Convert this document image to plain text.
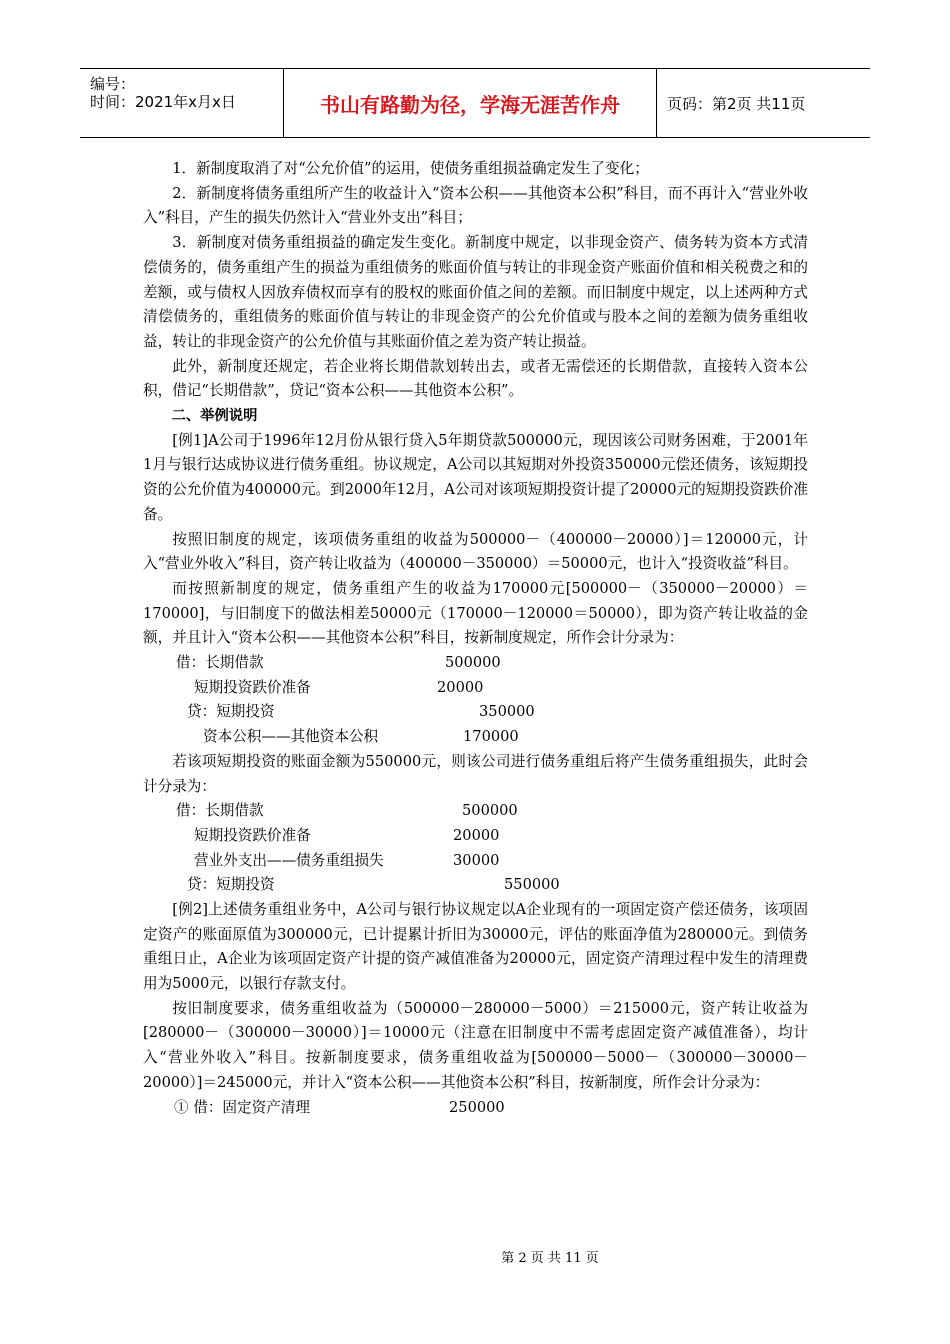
编号：
时间：2021年x月x日	书山有路勤为径，学海无涯苦作舟	页码：第2页 共11页

1．新制度取消了对“公允价值”的运用，使债务重组损益确定发生了变化；

2．新制度将债务重组所产生的收益计入“资本公积——其他资本公积”科目，而不再计入“营业外收入”科目，产生的损失仍然计入“营业外支出”科目；

3．新制度对债务重组损益的确定发生变化。新制度中规定，以非现金资产、债务转为资本方式清偿债务的，债务重组产生的损益为重组债务的账面价值与转让的非现金资产账面价值和相关税费之和的差额，或与债权人因放弃债权而享有的股权的账面价值之间的差额。而旧制度中规定，以上述两种方式清偿债务的，重组债务的账面价值与转让的非现金资产的公允价值或与股本之间的差额为债务重组收益，转让的非现金资产的公允价值与其账面价值之差为资产转让损益。

此外，新制度还规定，若企业将长期借款划转出去，或者无需偿还的长期借款，直接转入资本公积，借记“长期借款”，贷记“资本公积——其他资本公积”。

二、举例说明

[例1]A公司于1996年12月份从银行贷入5年期贷款500000元，现因该公司财务困难，于2001年1月与银行达成协议进行债务重组。协议规定，A公司以其短期对外投资350000元偿还债务，该短期投资的公允价值为400000元。到2000年12月，A公司对该项短期投资计提了20000元的短期投资跌价准备。

按照旧制度的规定，该项债务重组的收益为500000－（400000－20000）]＝120000元，计入“营业外收入”科目，资产转让收益为（400000－350000）＝50000元，也计入“投资收益”科目。

而按照新制度的规定，债务重组产生的收益为170000元[500000－（350000－20000）＝170000]，与旧制度下的做法相差50000元（170000－120000＝50000），即为资产转让收益的金额，并且计入“资本公积——其他资本公积”科目，按新制度规定，所作会计分录为：

借：长期借款	500000
短期投资跌价准备	20000
贷：短期投资	350000
资本公积——其他资本公积	170000

若该项短期投资的账面金额为550000元，则该公司进行债务重组后将产生债务重组损失，此时会计分录为：

借：长期借款	500000
短期投资跌价准备	20000
营业外支出——债务重组损失	30000
贷：短期投资	550000

[例2]上述债务重组业务中，A公司与银行协议规定以A企业现有的一项固定资产偿还债务，该项固定资产的账面原值为300000元，已计提累计折旧为30000元，评估的账面净值为280000元。到债务重组日止，A企业为该项固定资产计提的资产减值准备为20000元，固定资产清理过程中发生的清理费用为5000元，以银行存款支付。

按旧制度要求，债务重组收益为（500000－280000－5000）＝215000元，资产转让收益为[280000－（300000－30000）]＝10000元（注意在旧制度中不需考虑固定资产减值准备），均计入“营业外收入”科目。按新制度要求，债务重组收益为[500000－5000－（300000－30000－20000）]＝245000元，并计入“资本公积——其他资本公积”科目，按新制度，所作会计分录为：

① 借：固定资产清理	250000
第 2 页 共 11 页
